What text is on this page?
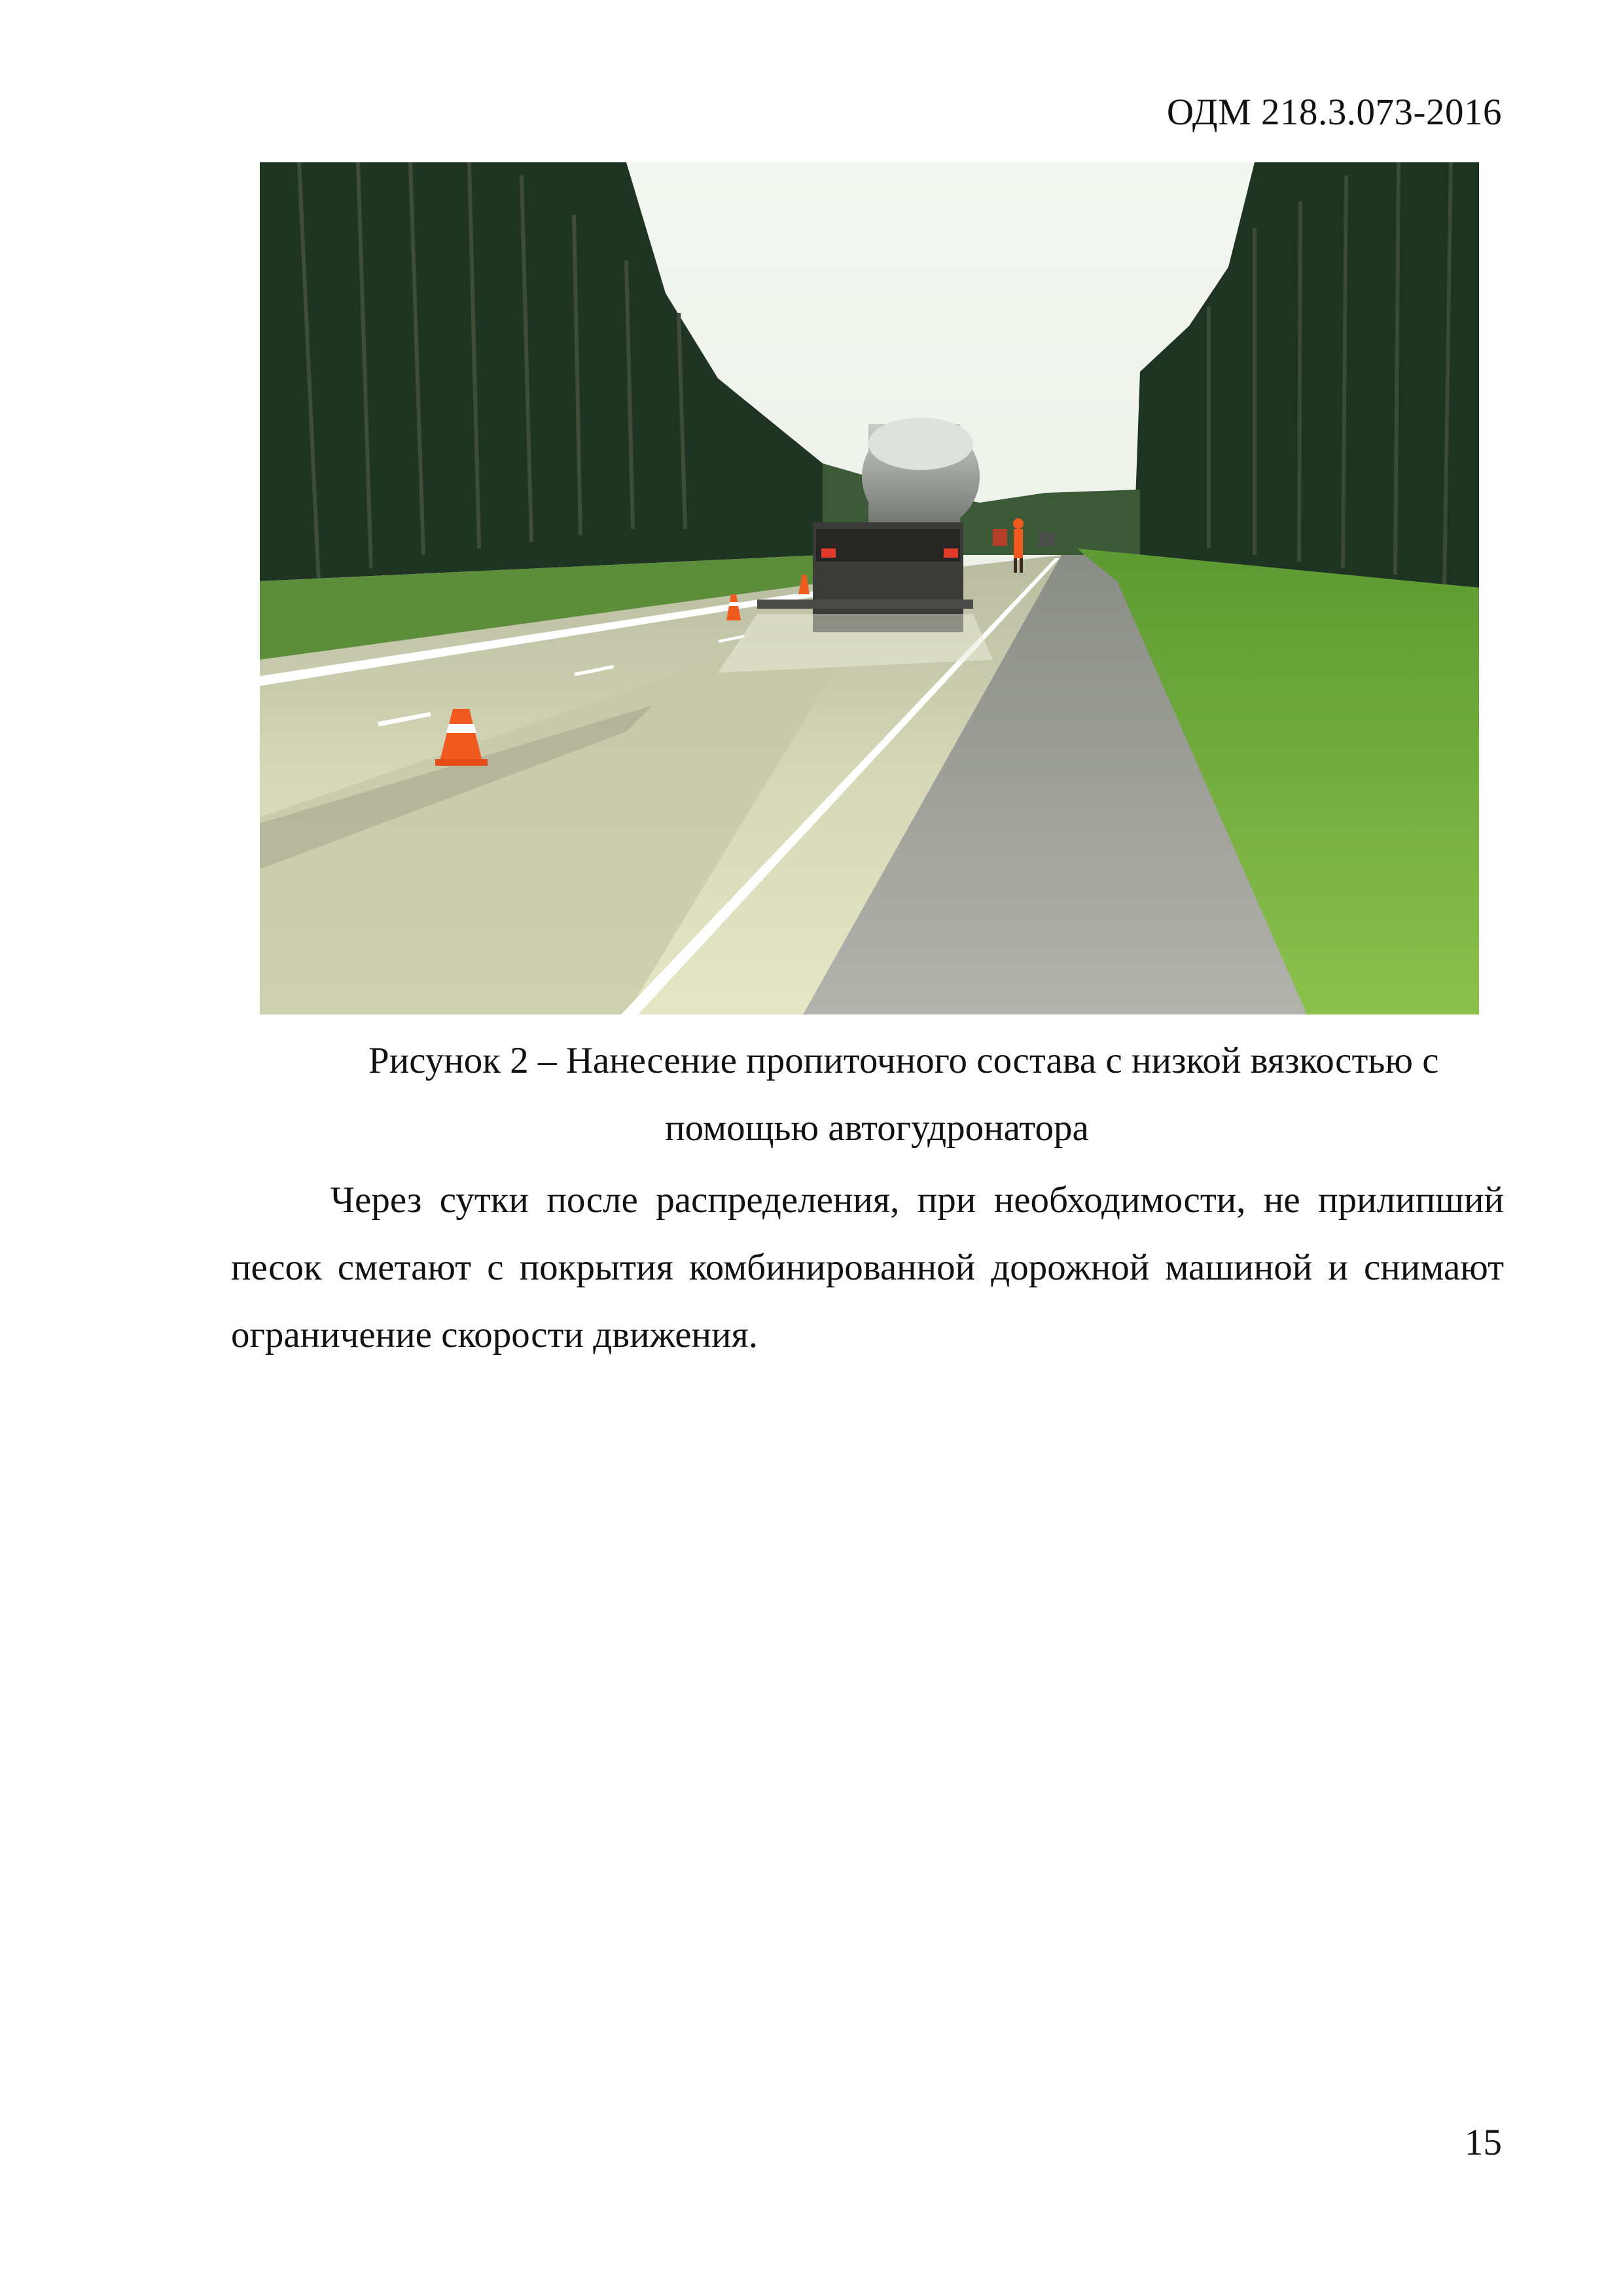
ОДМ 218.3.073-2016
Рисунок 2 – Нанесение пропиточного состава с низкой вязкостью с
помощью автогудронатора

Через сутки после распределения, при необходимости, не прилипший песок сметают с покрытия комбинированной дорожной машиной и снимают ограничение скорости движения.

15
